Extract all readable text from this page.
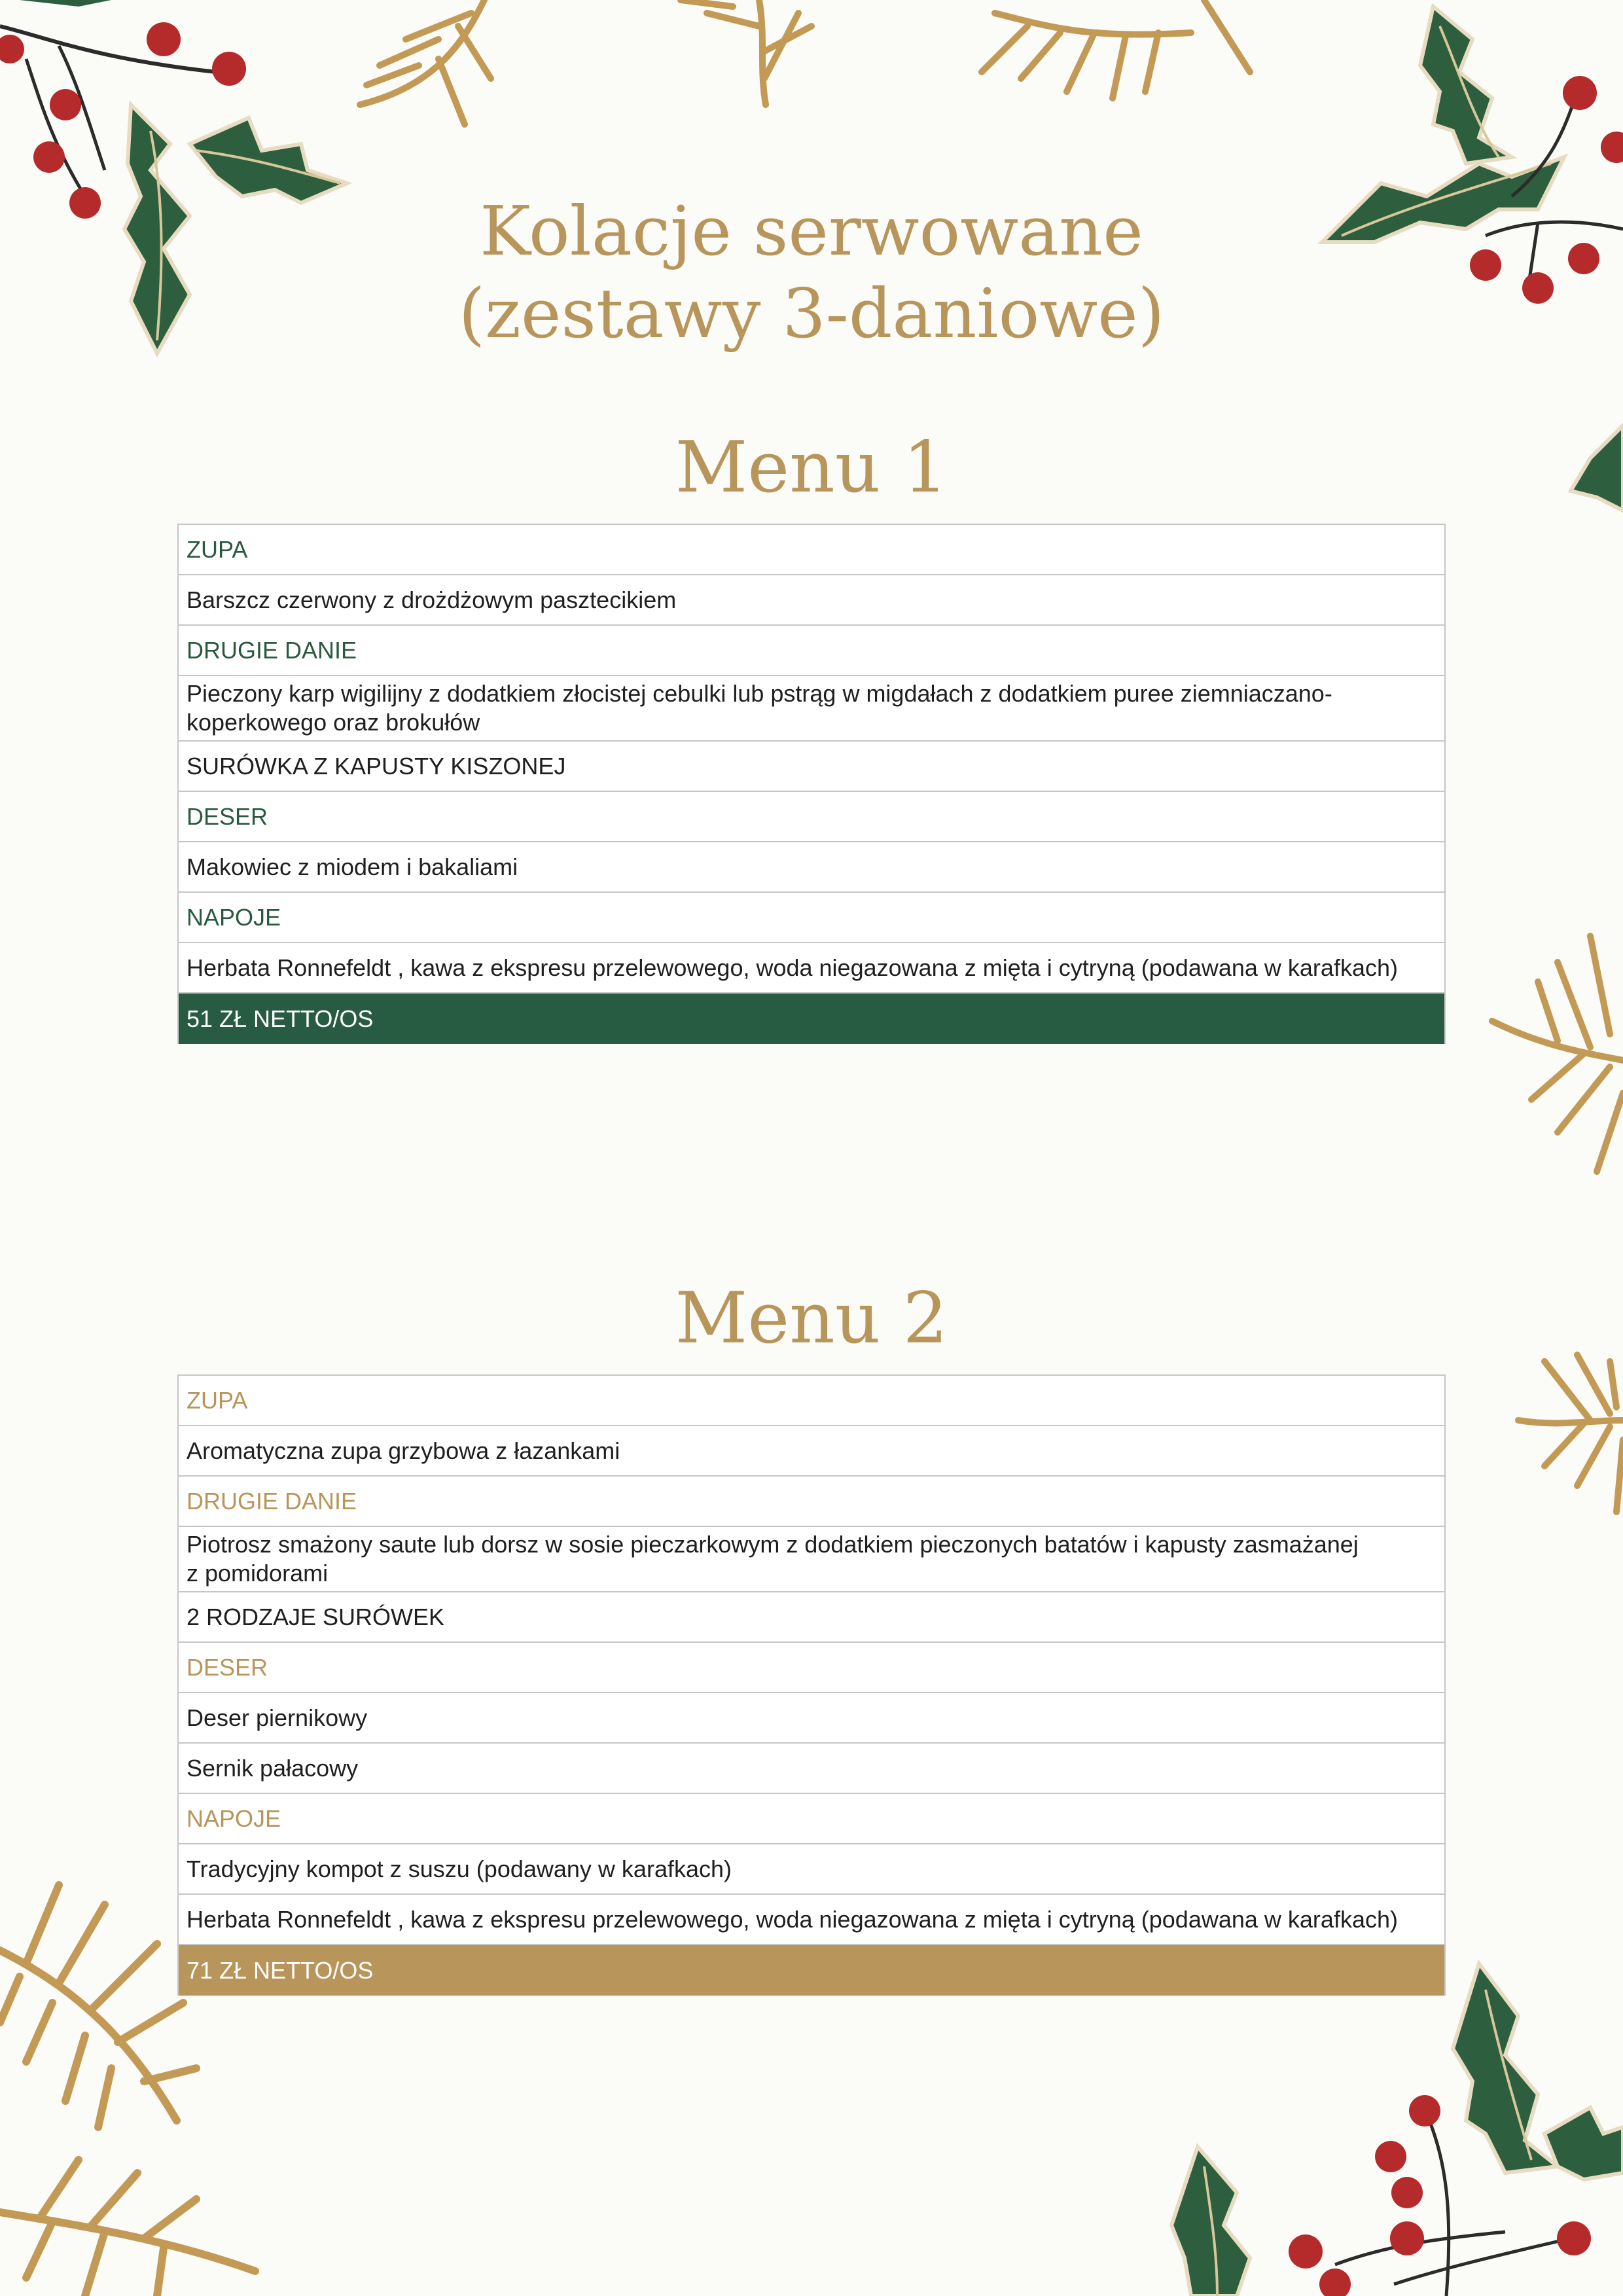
Kolacje serwowane
(zestawy 3-daniowe)
Menu 1
ZUPA
Barszcz czerwony z drożdżowym pasztecikiem
DRUGIE DANIE
Pieczony karp wigilijny z dodatkiem złocistej cebulki lub pstrąg w migdałach z dodatkiem puree ziemniaczano-
koperkowego oraz brokułów
SURÓWKA Z KAPUSTY KISZONEJ
DESER
Makowiec z miodem i bakaliami
NAPOJE
Herbata Ronnefeldt , kawa z ekspresu przelewowego, woda niegazowana z mięta i cytryną (podawana w karafkach)
51 ZŁ NETTO/OS
Menu 2
ZUPA
Aromatyczna zupa grzybowa z łazankami
DRUGIE DANIE
Piotrosz smażony saute lub dorsz w sosie pieczarkowym z dodatkiem pieczonych batatów i kapusty zasmażanej
z pomidorami
2 RODZAJE SURÓWEK
DESER
Deser piernikowy
Sernik pałacowy
NAPOJE
Tradycyjny kompot z suszu (podawany w karafkach)
Herbata Ronnefeldt , kawa z ekspresu przelewowego, woda niegazowana z mięta i cytryną (podawana w karafkach)
71 ZŁ NETTO/OS
